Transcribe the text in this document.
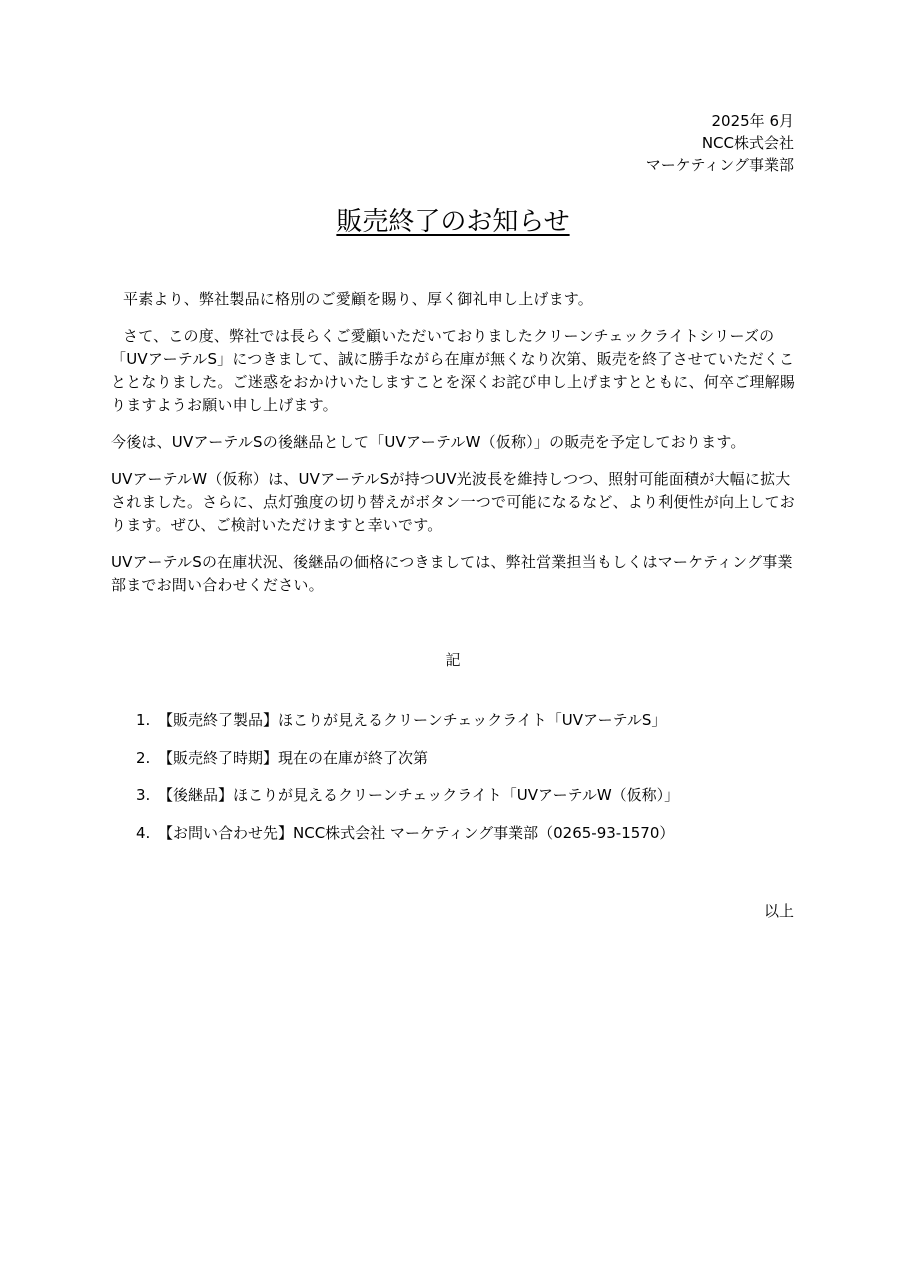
2025年 6月
NCC株式会社
マーケティング事業部
販売終了のお知らせ

平素より、弊社製品に格別のご愛顧を賜り、厚く御礼申し上げます。

さて、この度、弊社では長らくご愛顧いただいておりましたクリーンチェックライトシリーズの「UVアーテルS」につきまして、誠に勝手ながら在庫が無くなり次第、販売を終了させていただくこととなりました。ご迷惑をおかけいたしますことを深くお詫び申し上げますとともに、何卒ご理解賜りますようお願い申し上げます。

今後は、UVアーテルSの後継品として「UVアーテルW（仮称）」の販売を予定しております。

UVアーテルW（仮称）は、UVアーテルSが持つUV光波長を維持しつつ、照射可能面積が大幅に拡大されました。さらに、点灯強度の切り替えがボタン一つで可能になるなど、より利便性が向上しております。ぜひ、ご検討いただけますと幸いです。

UVアーテルSの在庫状況、後継品の価格につきましては、弊社営業担当もしくはマーケティング事業部までお問い合わせください。

記
1. 【販売終了製品】ほこりが見えるクリーンチェックライト「UVアーテルS」
2. 【販売終了時期】現在の在庫が終了次第
3. 【後継品】ほこりが見えるクリーンチェックライト「UVアーテルW（仮称）」
4. 【お問い合わせ先】NCC株式会社 マーケティング事業部（0265-93-1570）
以上
